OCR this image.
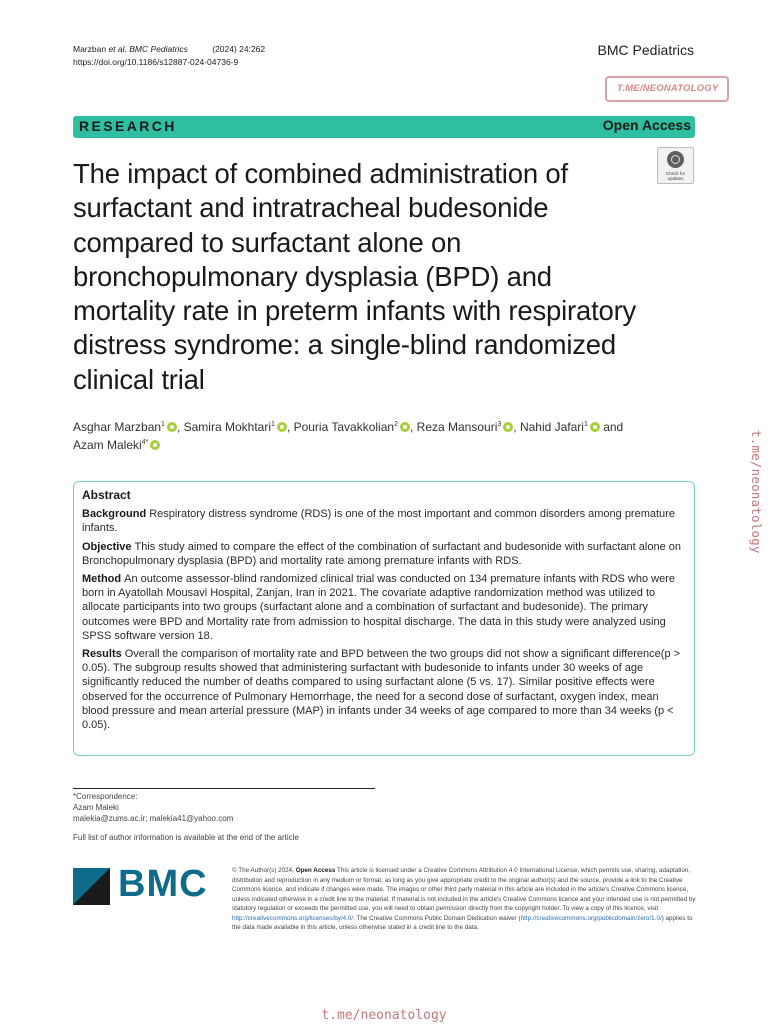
Marzban et al. BMC Pediatrics	(2024) 24:262
https://doi.org/10.1186/s12887-024-04736-9
BMC Pediatrics
T.ME/NEONATOLOGY
RESEARCH	Open Access
Check for
updates
The impact of combined administration of surfactant and intratracheal budesonide compared to surfactant alone on bronchopulmonary dysplasia (BPD) and mortality rate in preterm infants with respiratory distress syndrome: a single-blind randomized clinical trial
Asghar Marzban$^1$ , Samira Mokhtari$^1$ , Pouria Tavakkolian$^2$ , Reza Mansouri$^3$ , Nahid Jafari$^1$ and
Azam Maleki$^{4*}$
Abstract

Background Respiratory distress syndrome (RDS) is one of the most important and common disorders among premature infants.

Objective This study aimed to compare the effect of the combination of surfactant and budesonide with surfactant alone on Bronchopulmonary dysplasia (BPD) and mortality rate among premature infants with RDS.

Method An outcome assessor-blind randomized clinical trial was conducted on 134 premature infants with RDS who were born in Ayatollah Mousavi Hospital, Zanjan, Iran in 2021. The covariate adaptive randomization method was utilized to allocate participants into two groups (surfactant alone and a combination of surfactant and budesonide). The primary outcomes were BPD and Mortality rate from admission to hospital discharge. The data in this study were analyzed using SPSS software version 18.

Results Overall the comparison of mortality rate and BPD between the two groups did not show a significant difference(p > 0.05). The subgroup results showed that administering surfactant with budesonide to infants under 30 weeks of age significantly reduced the number of deaths compared to using surfactant alone (5 vs. 17). Similar positive effects were observed for the occurrence of Pulmonary Hemorrhage, the need for a second dose of surfactant, oxygen index, mean blood pressure and mean arterial pressure (MAP) in infants under 34 weeks of age compared to more than 34 weeks (p < 0.05).

*Correspondence:
Azam Maleki
malekia@zums.ac.ir; malekia41@yahoo.com
Full list of author information is available at the end of the article
BMC	© The Author(s) 2024. Open Access This article is licensed under a Creative Commons Attribution 4.0 International License, which permits use, sharing, adaptation, distribution and reproduction in any medium or format, as long as you give appropriate credit to the original author(s) and the source, provide a link to the Creative Commons licence, and indicate if changes were made. The images or other third party material in this article are included in the article's Creative Commons licence, unless indicated otherwise in a credit line to the material. If material is not included in the article's Creative Commons licence and your intended use is not permitted by statutory regulation or exceeds the permitted use, you will need to obtain permission directly from the copyright holder. To view a copy of this licence, visit http://creativecommons.org/licenses/by/4.0/. The Creative Commons Public Domain Dedication waiver (http://creativecommons.org/publicdomain/zero/1.0/) applies to the data made available in this article, unless otherwise stated in a credit line to the data.
t.me/neonatology
t.me/neonatology
